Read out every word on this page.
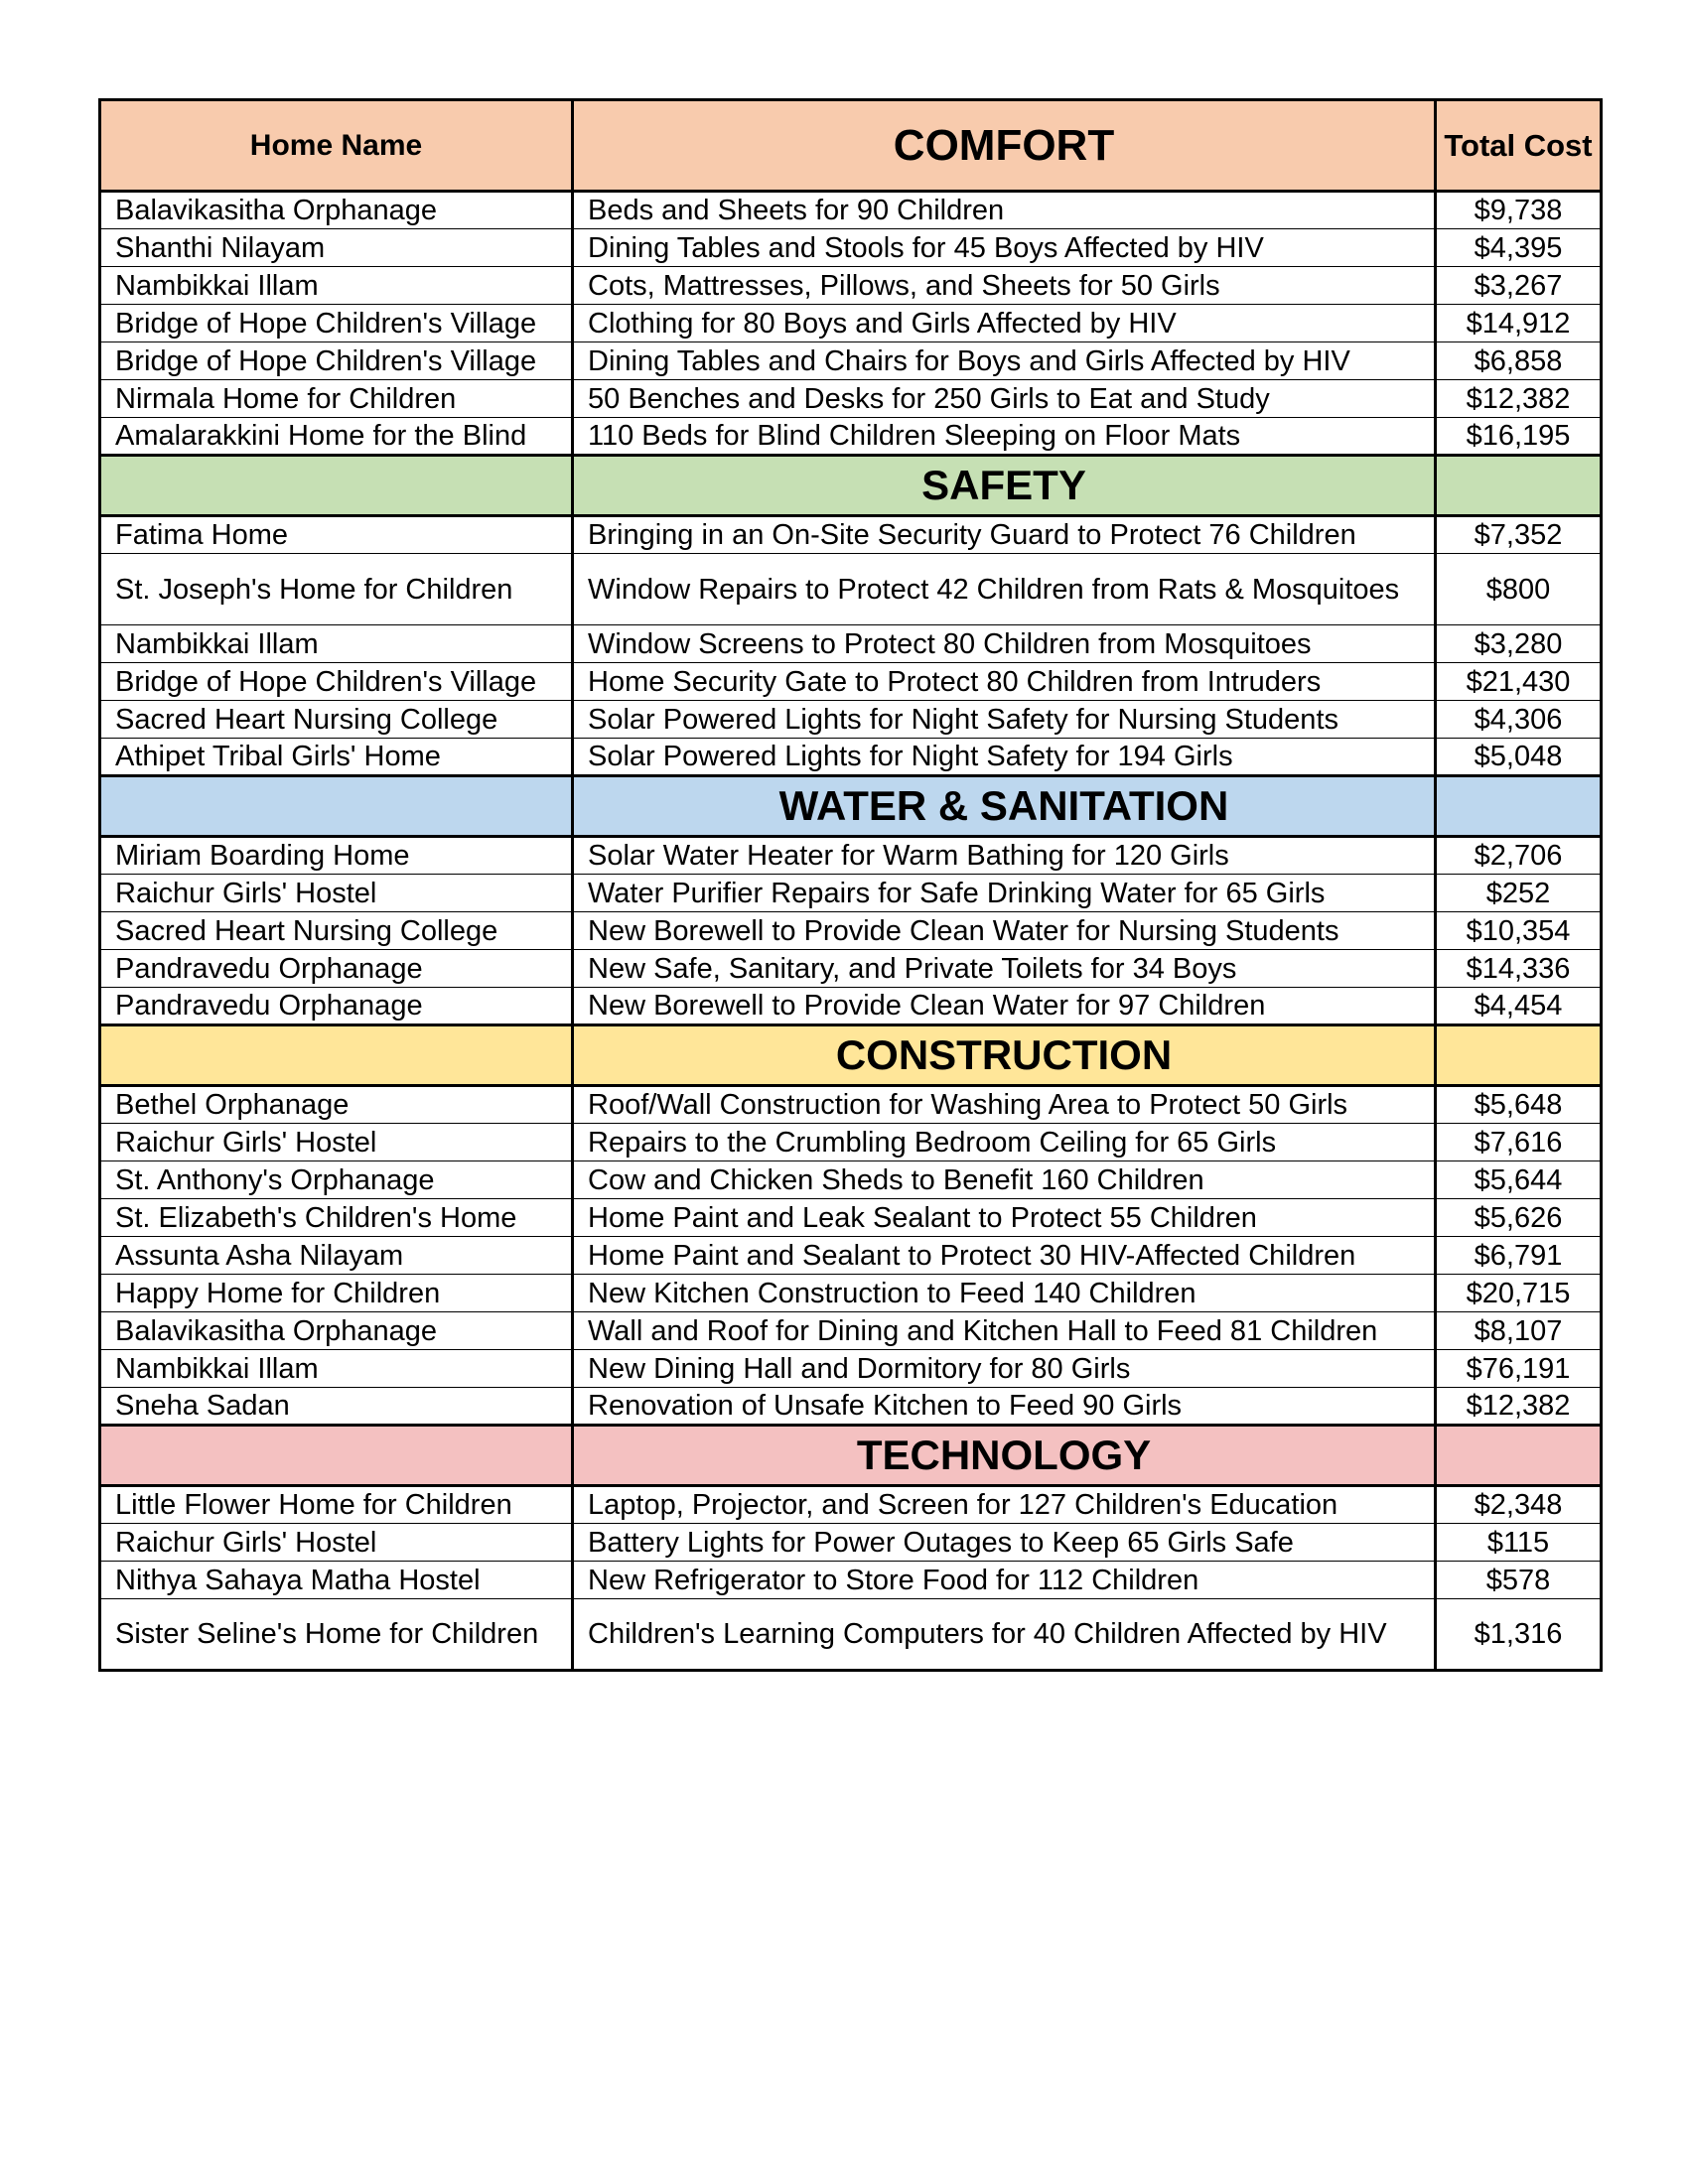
Home Name	COMFORT	Total Cost
Balavikasitha Orphanage	Beds and Sheets for 90 Children	$9,738
Shanthi Nilayam	Dining Tables and Stools for 45 Boys Affected by HIV	$4,395
Nambikkai Illam	Cots, Mattresses, Pillows, and Sheets for 50 Girls	$3,267
Bridge of Hope Children's Village	Clothing for 80 Boys and Girls Affected by HIV	$14,912
Bridge of Hope Children's Village	Dining Tables and Chairs for Boys and Girls Affected by HIV	$6,858
Nirmala Home for Children	50 Benches and Desks for 250 Girls to Eat and Study	$12,382
Amalarakkini Home for the Blind	110 Beds for Blind Children Sleeping on Floor Mats	$16,195
	SAFETY	
Fatima Home	Bringing in an On-Site Security Guard to Protect 76 Children	$7,352
St. Joseph's Home for Children	Window Repairs to Protect 42 Children from Rats & Mosquitoes	$800
Nambikkai Illam	Window Screens to Protect 80 Children from Mosquitoes	$3,280
Bridge of Hope Children's Village	Home Security Gate to Protect 80 Children from Intruders	$21,430
Sacred Heart Nursing College	Solar Powered Lights for Night Safety for Nursing Students	$4,306
Athipet Tribal Girls' Home	Solar Powered Lights for Night Safety for 194 Girls	$5,048
	WATER & SANITATION	
Miriam Boarding Home	Solar Water Heater for Warm Bathing for 120 Girls	$2,706
Raichur Girls' Hostel	Water Purifier Repairs for Safe Drinking Water for 65 Girls	$252
Sacred Heart Nursing College	New Borewell to Provide Clean Water for Nursing Students	$10,354
Pandravedu Orphanage	New Safe, Sanitary, and Private Toilets for 34 Boys	$14,336
Pandravedu Orphanage	New Borewell to Provide Clean Water for 97 Children	$4,454
	CONSTRUCTION	
Bethel Orphanage	Roof/Wall Construction for Washing Area to Protect 50 Girls	$5,648
Raichur Girls' Hostel	Repairs to the Crumbling Bedroom Ceiling for 65 Girls	$7,616
St. Anthony's Orphanage	Cow and Chicken Sheds to Benefit 160 Children	$5,644
St. Elizabeth's Children's Home	Home Paint and Leak Sealant to Protect 55 Children	$5,626
Assunta Asha Nilayam	Home Paint and Sealant to Protect 30 HIV-Affected Children	$6,791
Happy Home for Children	New Kitchen Construction to Feed 140 Children	$20,715
Balavikasitha Orphanage	Wall and Roof for Dining and Kitchen Hall to Feed 81 Children	$8,107
Nambikkai Illam	New Dining Hall and Dormitory for 80 Girls	$76,191
Sneha Sadan	Renovation of Unsafe Kitchen to Feed 90 Girls	$12,382
	TECHNOLOGY	
Little Flower Home for Children	Laptop, Projector, and Screen for 127 Children's Education	$2,348
Raichur Girls' Hostel	Battery Lights for Power Outages to Keep 65 Girls Safe	$115
Nithya Sahaya Matha Hostel	New Refrigerator to Store Food for 112 Children	$578
Sister Seline's Home for Children	Children's Learning Computers for 40 Children Affected by HIV	$1,316
